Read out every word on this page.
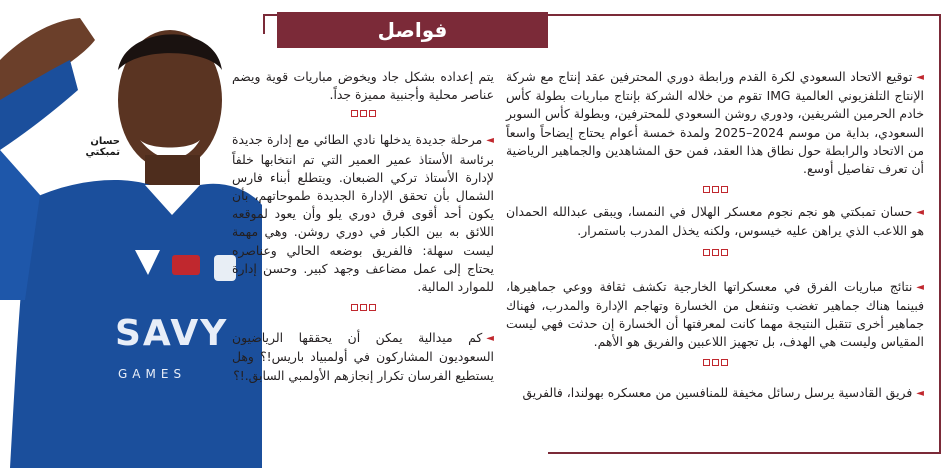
SAVY
GAMES
حسان تمبكتي
فواصل

◄توقيع الاتحاد السعودي لكرة القدم ورابطة دوري المحترفين عقد إنتاج مع شركة الإنتاج التلفزيوني العالمية IMG تقوم من خلاله الشركة بإنتاج مباريات بطولة كأس خادم الحرمين الشريفين، ودوري روشن السعودي للمحترفين، وبطولة كأس السوبر السعودي، بداية من موسم 2024–2025 ولمدة خمسة أعوام يحتاج إيضاحاً واسعاً من الاتحاد والرابطة حول نطاق هذا العقد، فمن حق المشاهدين والجماهير الرياضية أن تعرف تفاصيل أوسع.

◄حسان تمبكتي هو نجم نجوم معسكر الهلال في النمسا، ويبقى عبدالله الحمدان هو اللاعب الذي يراهن عليه خيسوس، ولكنه يخذل المدرب باستمرار.

◄نتائج مباريات الفرق في معسكراتها الخارجية تكشف ثقافة ووعي جماهيرها، فبينما هناك جماهير تغضب وتنفعل من الخسارة وتهاجم الإدارة والمدرب، فهناك جماهير أخرى تتقبل النتيجة مهما كانت لمعرفتها أن الخسارة إن حدثت فهي ليست المقياس وليست هي الهدف، بل تجهيز اللاعبين والفريق هو الأهم.

◄فريق القادسية يرسل رسائل مخيفة للمنافسين من معسكره بهولندا، فالفريق

يتم إعداده بشكل جاد ويخوض مباريات قوية ويضم عناصر محلية وأجنبية مميزة جداً.

◄مرحلة جديدة يدخلها نادي الطائي مع إدارة جديدة برئاسة الأستاذ عمير العمير التي تم انتخابها خلفاً لإدارة الأستاذ تركي الضبعان. ويتطلع أبناء فارس الشمال بأن تحقق الإدارة الجديدة طموحاتهم، بأن يكون أحد أقوى فرق دوري يلو وأن يعود لموقعه اللائق به بين الكبار في دوري روشن. وهي مهمة ليست سهلة: فالفريق بوضعه الحالي وعناصره يحتاج إلى عمل مضاعف وجهد كبير. وحسن إدارة للموارد المالية.

◄كم ميدالية يمكن أن يحققها الرياضيون السعوديون المشاركون في أولمبياد باريس!؟ وهل يستطيع الفرسان تكرار إنجازهم الأولمبي السابق.!؟
